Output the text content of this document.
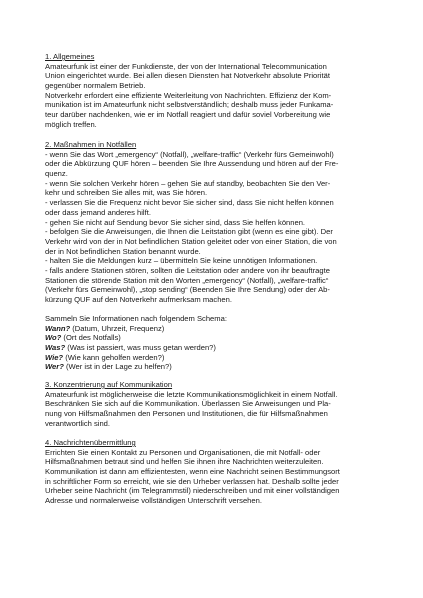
1. Allgemeines
Amateurfunk ist einer der Funkdienste, der von der International Telecommunication
Union eingerichtet wurde. Bei allen diesen Diensten hat Notverkehr absolute Priorität
gegenüber normalem Betrieb.
Notverkehr erfordert eine effiziente Weiterleitung von Nachrichten. Effizienz der Kom-
munikation ist im Amateurfunk nicht selbstverständlich; deshalb muss jeder Funkama-
teur darüber nachdenken, wie er im Notfall reagiert und dafür soviel Vorbereitung wie
möglich treffen.
2. Maßnahmen in Notfällen
- wenn Sie das Wort „emergency“ (Notfall), „welfare-traffic“ (Verkehr fürs Gemeinwohl)
oder die Abkürzung QUF hören – beenden Sie Ihre Aussendung und hören auf der Fre-
quenz.
- wenn Sie solchen Verkehr hören – gehen Sie auf standby, beobachten Sie den Ver-
kehr und schreiben Sie alles mit, was Sie hören.
- verlassen Sie die Frequenz nicht bevor Sie sicher sind, dass Sie nicht helfen können
oder dass jemand anderes hilft.
- gehen Sie nicht auf Sendung bevor Sie sicher sind, dass Sie helfen können.
- befolgen Sie die Anweisungen, die Ihnen die Leitstation gibt (wenn es eine gibt). Der
Verkehr wird von der in Not befindlichen Station geleitet oder von einer Station, die von
der in Not befindlichen Station benannt wurde.
- halten Sie die Meldungen kurz – übermitteln Sie keine unnötigen Informationen.
- falls andere Stationen stören, sollten die Leitstation oder andere von ihr beauftragte
Stationen die störende Station mit den Worten „emergency“ (Notfall), „welfare-traffic“
(Verkehr fürs Gemeinwohl), „stop sending“ (Beenden Sie Ihre Sendung) oder der Ab-
kürzung QUF auf den Notverkehr aufmerksam machen.
Sammeln Sie Informationen nach folgendem Schema:
Wann? (Datum, Uhrzeit, Frequenz)
Wo? (Ort des Notfalls)
Was? (Was ist passiert, was muss getan werden?)
Wie? (Wie kann geholfen werden?)
Wer? (Wer ist in der Lage zu helfen?)
3. Konzentrierung auf Kommunikation
Amateurfunk ist möglicherweise die letzte Kommunikationsmöglichkeit in einem Notfall.
Beschränken Sie sich auf die Kommunikation. Überlassen Sie Anweisungen und Pla-
nung von Hilfsmaßnahmen den Personen und Institutionen, die für Hilfsmaßnahmen
verantwortlich sind.
4. Nachrichtenübermittlung
Errichten Sie einen Kontakt zu Personen und Organisationen, die mit Notfall- oder
Hilfsmaßnahmen betraut sind und helfen Sie ihnen ihre Nachrichten weiterzuleiten.
Kommunikation ist dann am effizientesten, wenn eine Nachricht seinen Bestimmungsort
in schriftlicher Form so erreicht, wie sie den Urheber verlassen hat. Deshalb sollte jeder
Urheber seine Nachricht (im Telegrammstil) niederschreiben und mit einer vollständigen
Adresse und normalerweise vollständigen Unterschrift versehen.
